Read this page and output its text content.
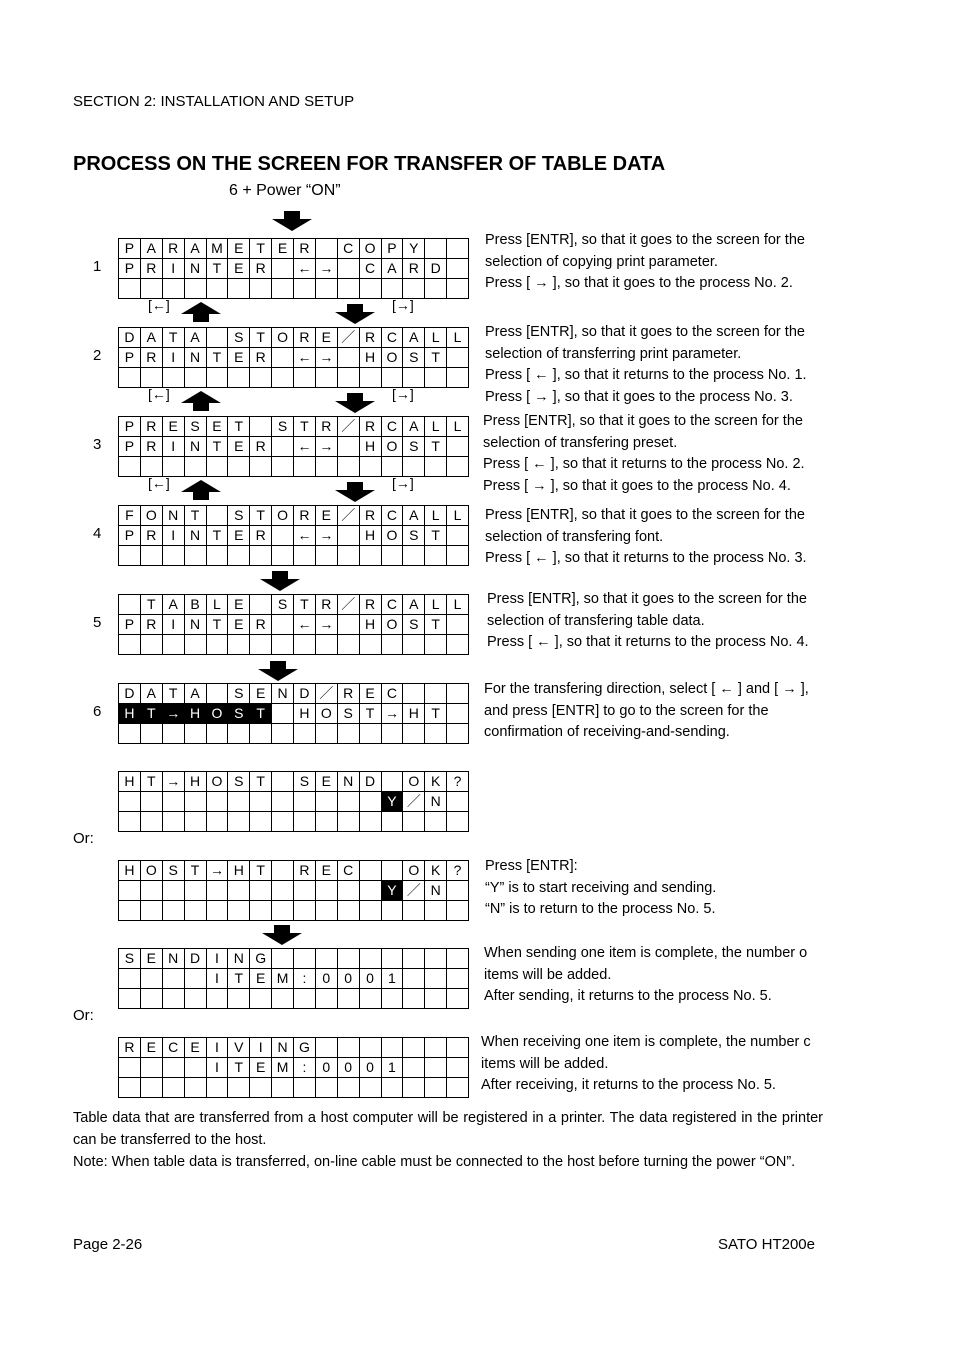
SECTION 2: INSTALLATION AND SETUP
PROCESS ON THE SCREEN FOR TRANSFER OF TABLE DATA
6 + Power “ON”
P A R A M E T E R	C O P Y
P R	I	N T E R	← →	C A R D
1
D A T A	S T O R E ／ R C A L	L
P R	I	N T E R	← →	H O S T
2
P R E S E T	S T R ／ R C A L	L
P R	I	N T E R	← →	H O S T
3
F O N T	S T O R E ／ R C A L	L
P R	I	N T E R	← →	H O S T
4
T A B L E	S T R ／ R C A L	L
P R	I	N T E R	← →	H O S T
5
D A T A	S E N D ／ R E C
H T → H O S T	H O S T → H T
6
H T → H O S T	S E N D	O K ?
Y ／ N
H O S T → H T	R E C	O K ?
Y ／ N
S E N D	I	N G
I	T E M	:	0	0	0	1
R E C E	I	V	I	N G
I	T E M	:	0	0	0	1
Press [ENTR], so that it goes to the screen for the
selection of copying print parameter.
Press [ → ], so that it goes to the process No. 2.
Press [ENTR], so that it goes to the screen for the
selection of transferring print parameter.
Press [ ← ], so that it returns to the process No. 1.
Press [ → ], so that it goes to the process No. 3.
Press [ENTR], so that it goes to the screen for the
selection of transfering preset.
Press [ ← ], so that it returns to the process No. 2.
Press [ → ], so that it goes to the process No. 4.
Press [ENTR], so that it goes to the screen for the
selection of transfering font.
Press [ ← ], so that it returns to the process No. 3.
Press [ENTR], so that it goes to the screen for the
selection of transfering table data.
Press [ ← ], so that it returns to the process No. 4.
For the transfering direction, select [ ← ] and [ → ],
and press [ENTR] to go to the screen for the
confirmation of receiving-and-sending.
Press [ENTR]:
“Y” is to start receiving and sending.
“N” is to return to the process No. 5.
When sending one item is complete, the number o
items will be added.
After sending, it returns to the process No. 5.
When receiving one item is complete, the number c
items will be added.
After receiving, it returns to the process No. 5.
[←]	[→]
[←]	[→]
[←]	[→]
Or:
Or:
Table data that are transferred from a host computer will be registered in a printer. The data registered in the printer can be transferred to the host.
Note: When table data is transferred, on-line cable must be connected to the host before turning the power “ON”.
Page 2-26	SATO HT200e
